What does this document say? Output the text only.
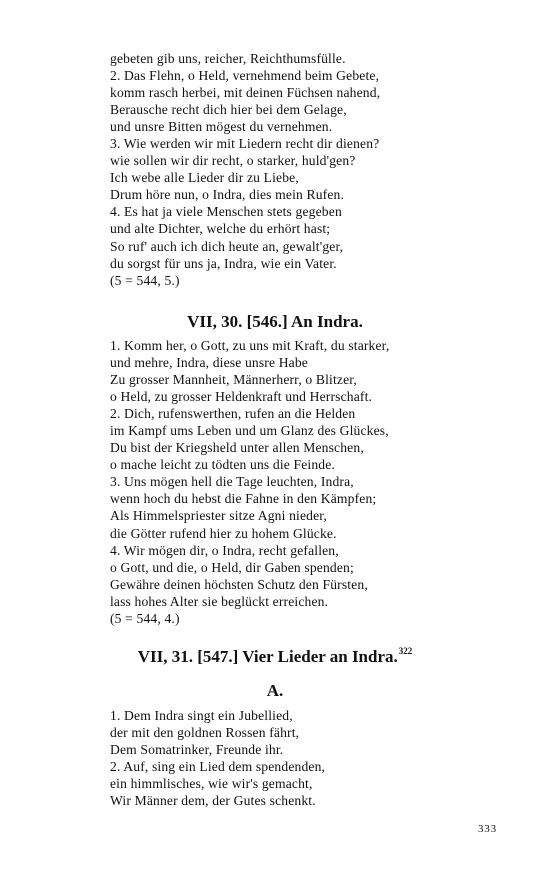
gebeten gib uns, reicher, Reichthumsfülle.
2. Das Flehn, o Held, vernehmend beim Gebete,
komm rasch herbei, mit deinen Füchsen nahend,
Berausche recht dich hier bei dem Gelage,
und unsre Bitten mögest du vernehmen.
3. Wie werden wir mit Liedern recht dir dienen?
wie sollen wir dir recht, o starker, huld'gen?
Ich webe alle Lieder dir zu Liebe,
Drum höre nun, o Indra, dies mein Rufen.
4. Es hat ja viele Menschen stets gegeben
und alte Dichter, welche du erhört hast;
So ruf' auch ich dich heute an, gewalt'ger,
du sorgst für uns ja, Indra, wie ein Vater.
(5 = 544, 5.)
VII, 30. [546.] An Indra.
1. Komm her, o Gott, zu uns mit Kraft, du starker,
und mehre, Indra, diese unsre Habe
Zu grosser Mannheit, Männerherr, o Blitzer,
o Held, zu grosser Heldenkraft und Herrschaft.
2. Dich, rufenswerthen, rufen an die Helden
im Kampf ums Leben und um Glanz des Glückes,
Du bist der Kriegsheld unter allen Menschen,
o mache leicht zu tödten uns die Feinde.
3. Uns mögen hell die Tage leuchten, Indra,
wenn hoch du hebst die Fahne in den Kämpfen;
Als Himmelspriester sitze Agni nieder,
die Götter rufend hier zu hohem Glücke.
4. Wir mögen dir, o Indra, recht gefallen,
o Gott, und die, o Held, dir Gaben spenden;
Gewähre deinen höchsten Schutz den Fürsten,
lass hohes Alter sie beglückt erreichen.
(5 = 544, 4.)
VII, 31. [547.] Vier Lieder an Indra.$^{322}$
A.
1. Dem Indra singt ein Jubellied,
der mit den goldnen Rossen fährt,
Dem Somatrinker, Freunde ihr.
2. Auf, sing ein Lied dem spendenden,
ein himmlisches, wie wir's gemacht,
Wir Männer dem, der Gutes schenkt.
333
